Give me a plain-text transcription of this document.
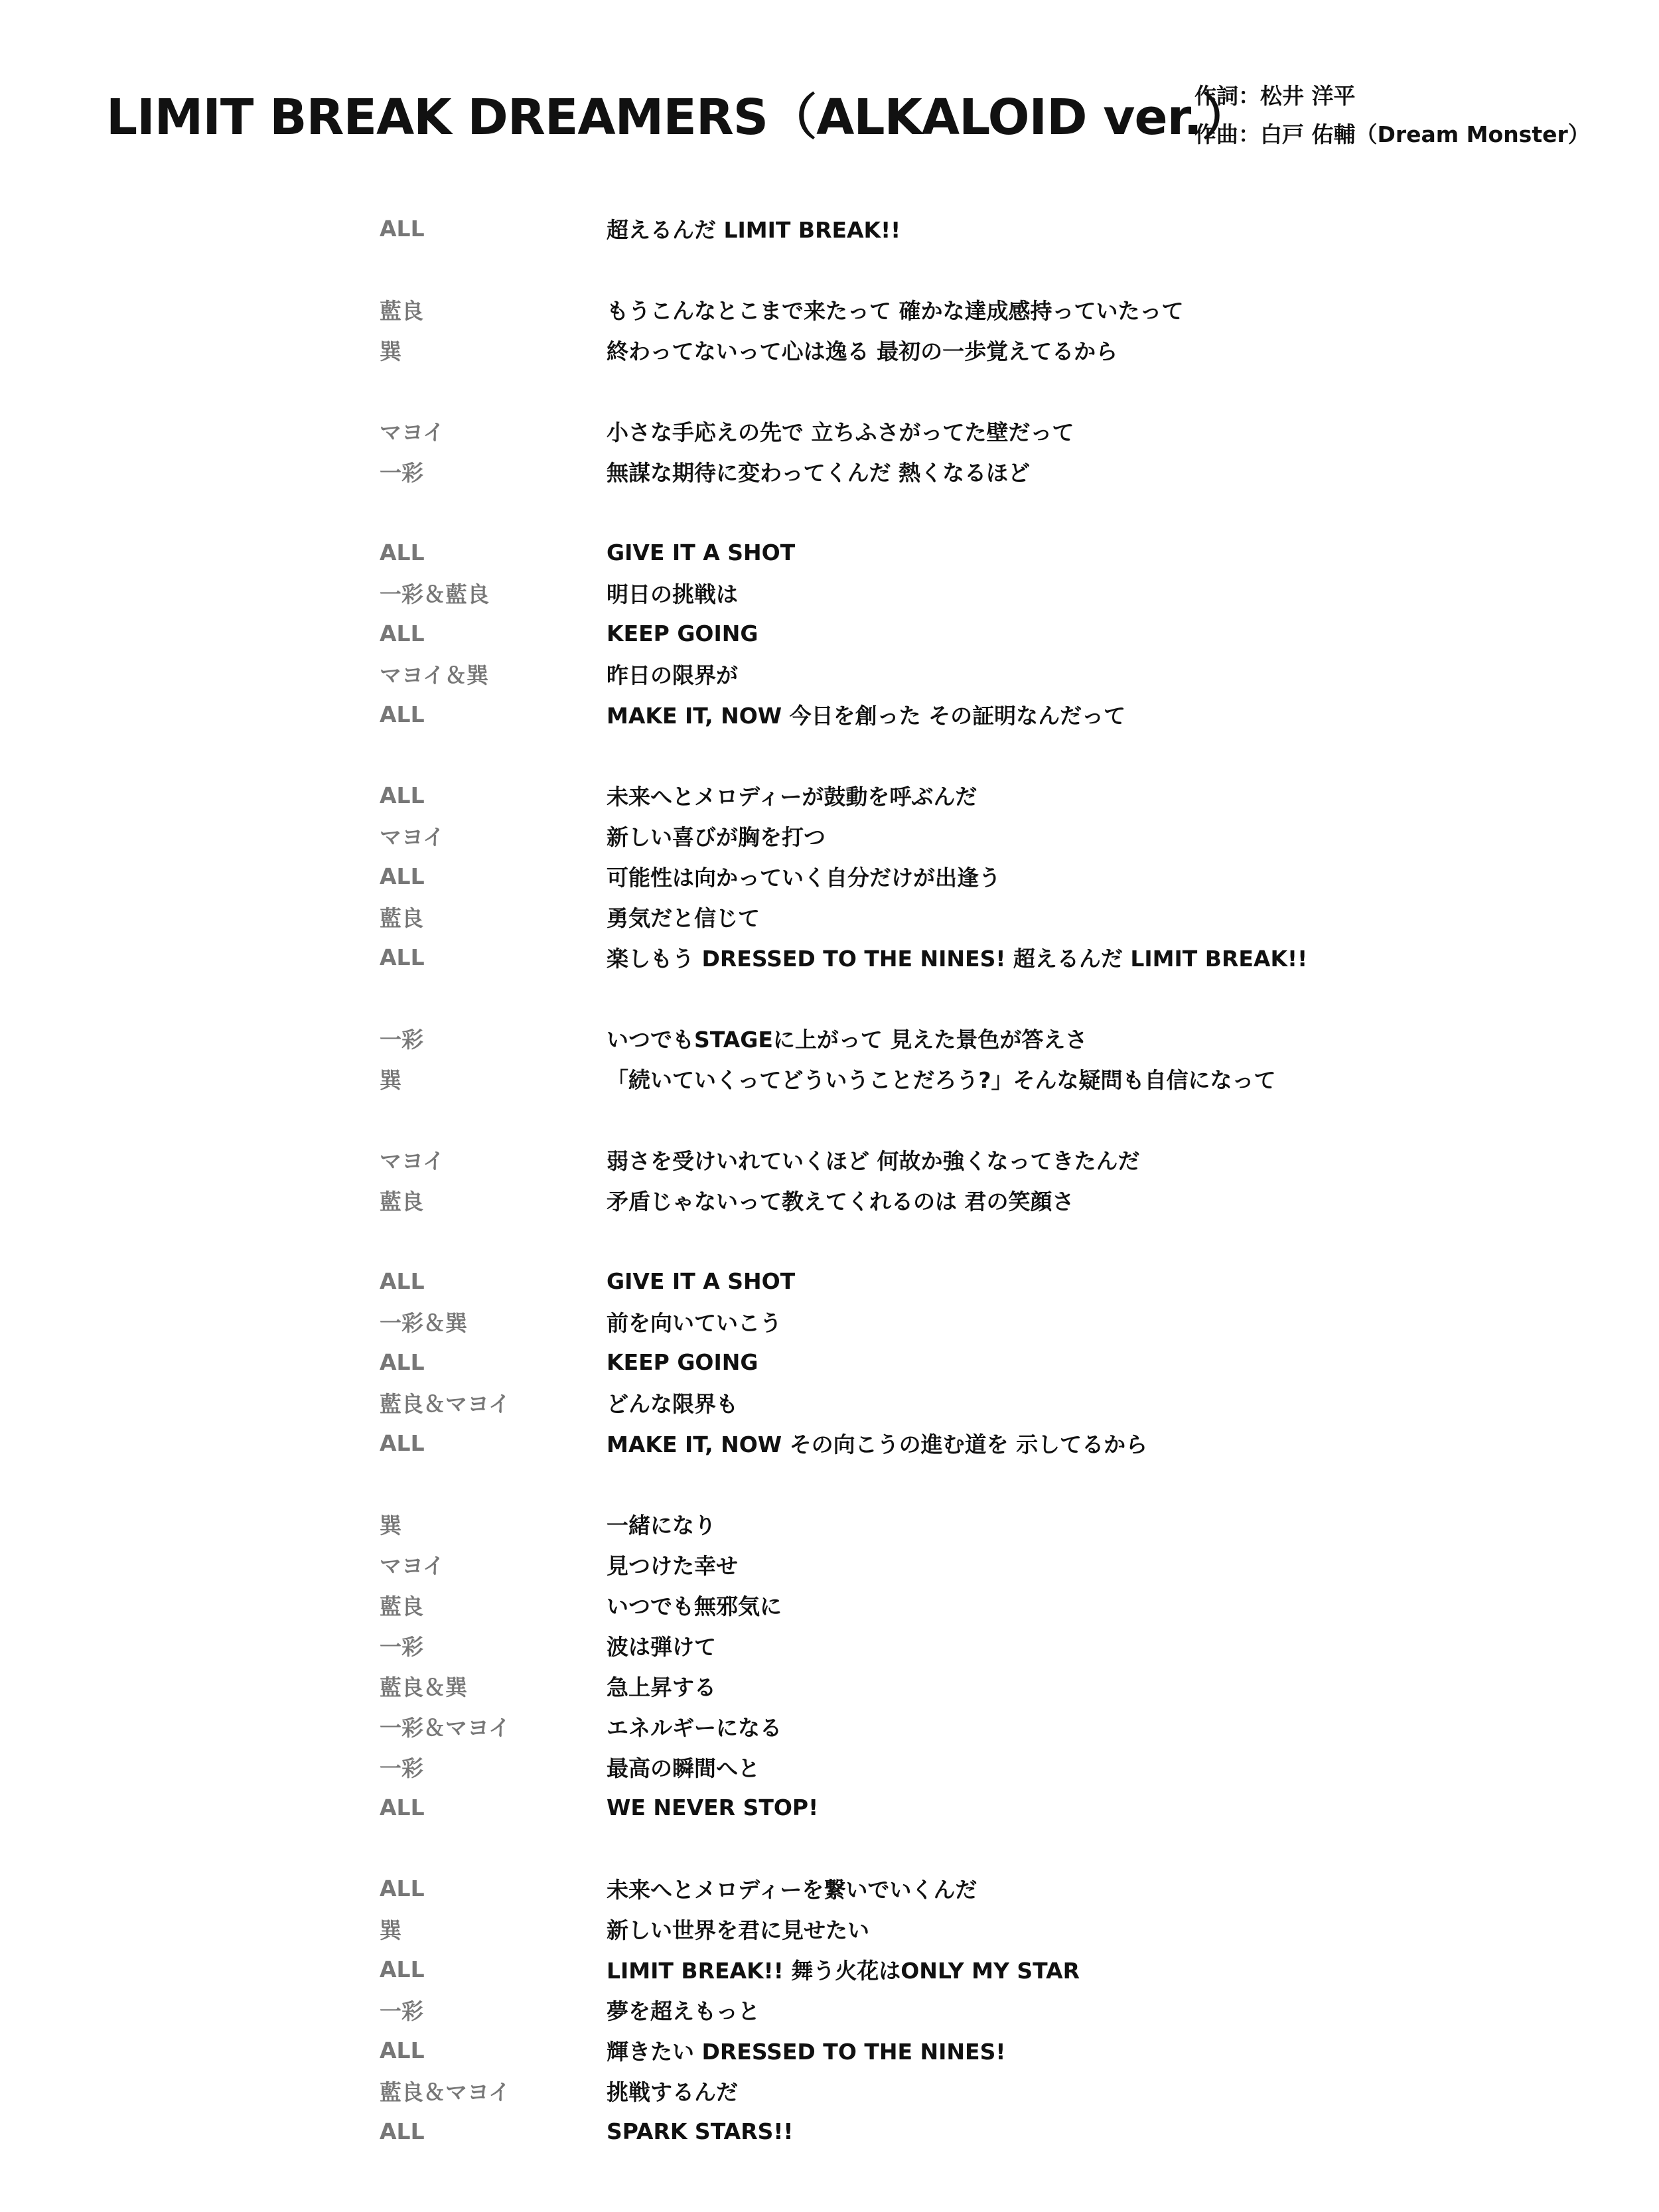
LIMIT BREAK DREAMERS（ALKALOID ver.）
作詞：松井 洋平
作曲：白戸 佑輔（Dream Monster）
ALL	超えるんだ LIMIT BREAK!!
藍良	もうこんなとこまで来たって 確かな達成感持っていたって
巽	終わってないって心は逸る 最初の一歩覚えてるから
マヨイ	小さな手応えの先で 立ちふさがってた壁だって
一彩	無謀な期待に変わってくんだ 熱くなるほど
ALL	GIVE IT A SHOT
一彩＆藍良	明日の挑戦は
ALL	KEEP GOING
マヨイ＆巽	昨日の限界が
ALL	MAKE IT, NOW 今日を創った その証明なんだって
ALL	未来へとメロディーが鼓動を呼ぶんだ
マヨイ	新しい喜びが胸を打つ
ALL	可能性は向かっていく自分だけが出逢う
藍良	勇気だと信じて
ALL	楽しもう DRESSED TO THE NINES! 超えるんだ LIMIT BREAK!!
一彩	いつでもSTAGEに上がって 見えた景色が答えさ
巽	「続いていくってどういうことだろう?」そんな疑問も自信になって
マヨイ	弱さを受けいれていくほど 何故か強くなってきたんだ
藍良	矛盾じゃないって教えてくれるのは 君の笑顔さ
ALL	GIVE IT A SHOT
一彩＆巽	前を向いていこう
ALL	KEEP GOING
藍良＆マヨイ	どんな限界も
ALL	MAKE IT, NOW その向こうの進む道を 示してるから
巽	一緒になり
マヨイ	見つけた幸せ
藍良	いつでも無邪気に
一彩	波は弾けて
藍良＆巽	急上昇する
一彩＆マヨイ	エネルギーになる
一彩	最高の瞬間へと
ALL	WE NEVER STOP!
ALL	未来へとメロディーを繋いでいくんだ
巽	新しい世界を君に見せたい
ALL	LIMIT BREAK!! 舞う火花はONLY MY STAR
一彩	夢を超えもっと
ALL	輝きたい DRESSED TO THE NINES!
藍良＆マヨイ	挑戦するんだ
ALL	SPARK STARS!!
